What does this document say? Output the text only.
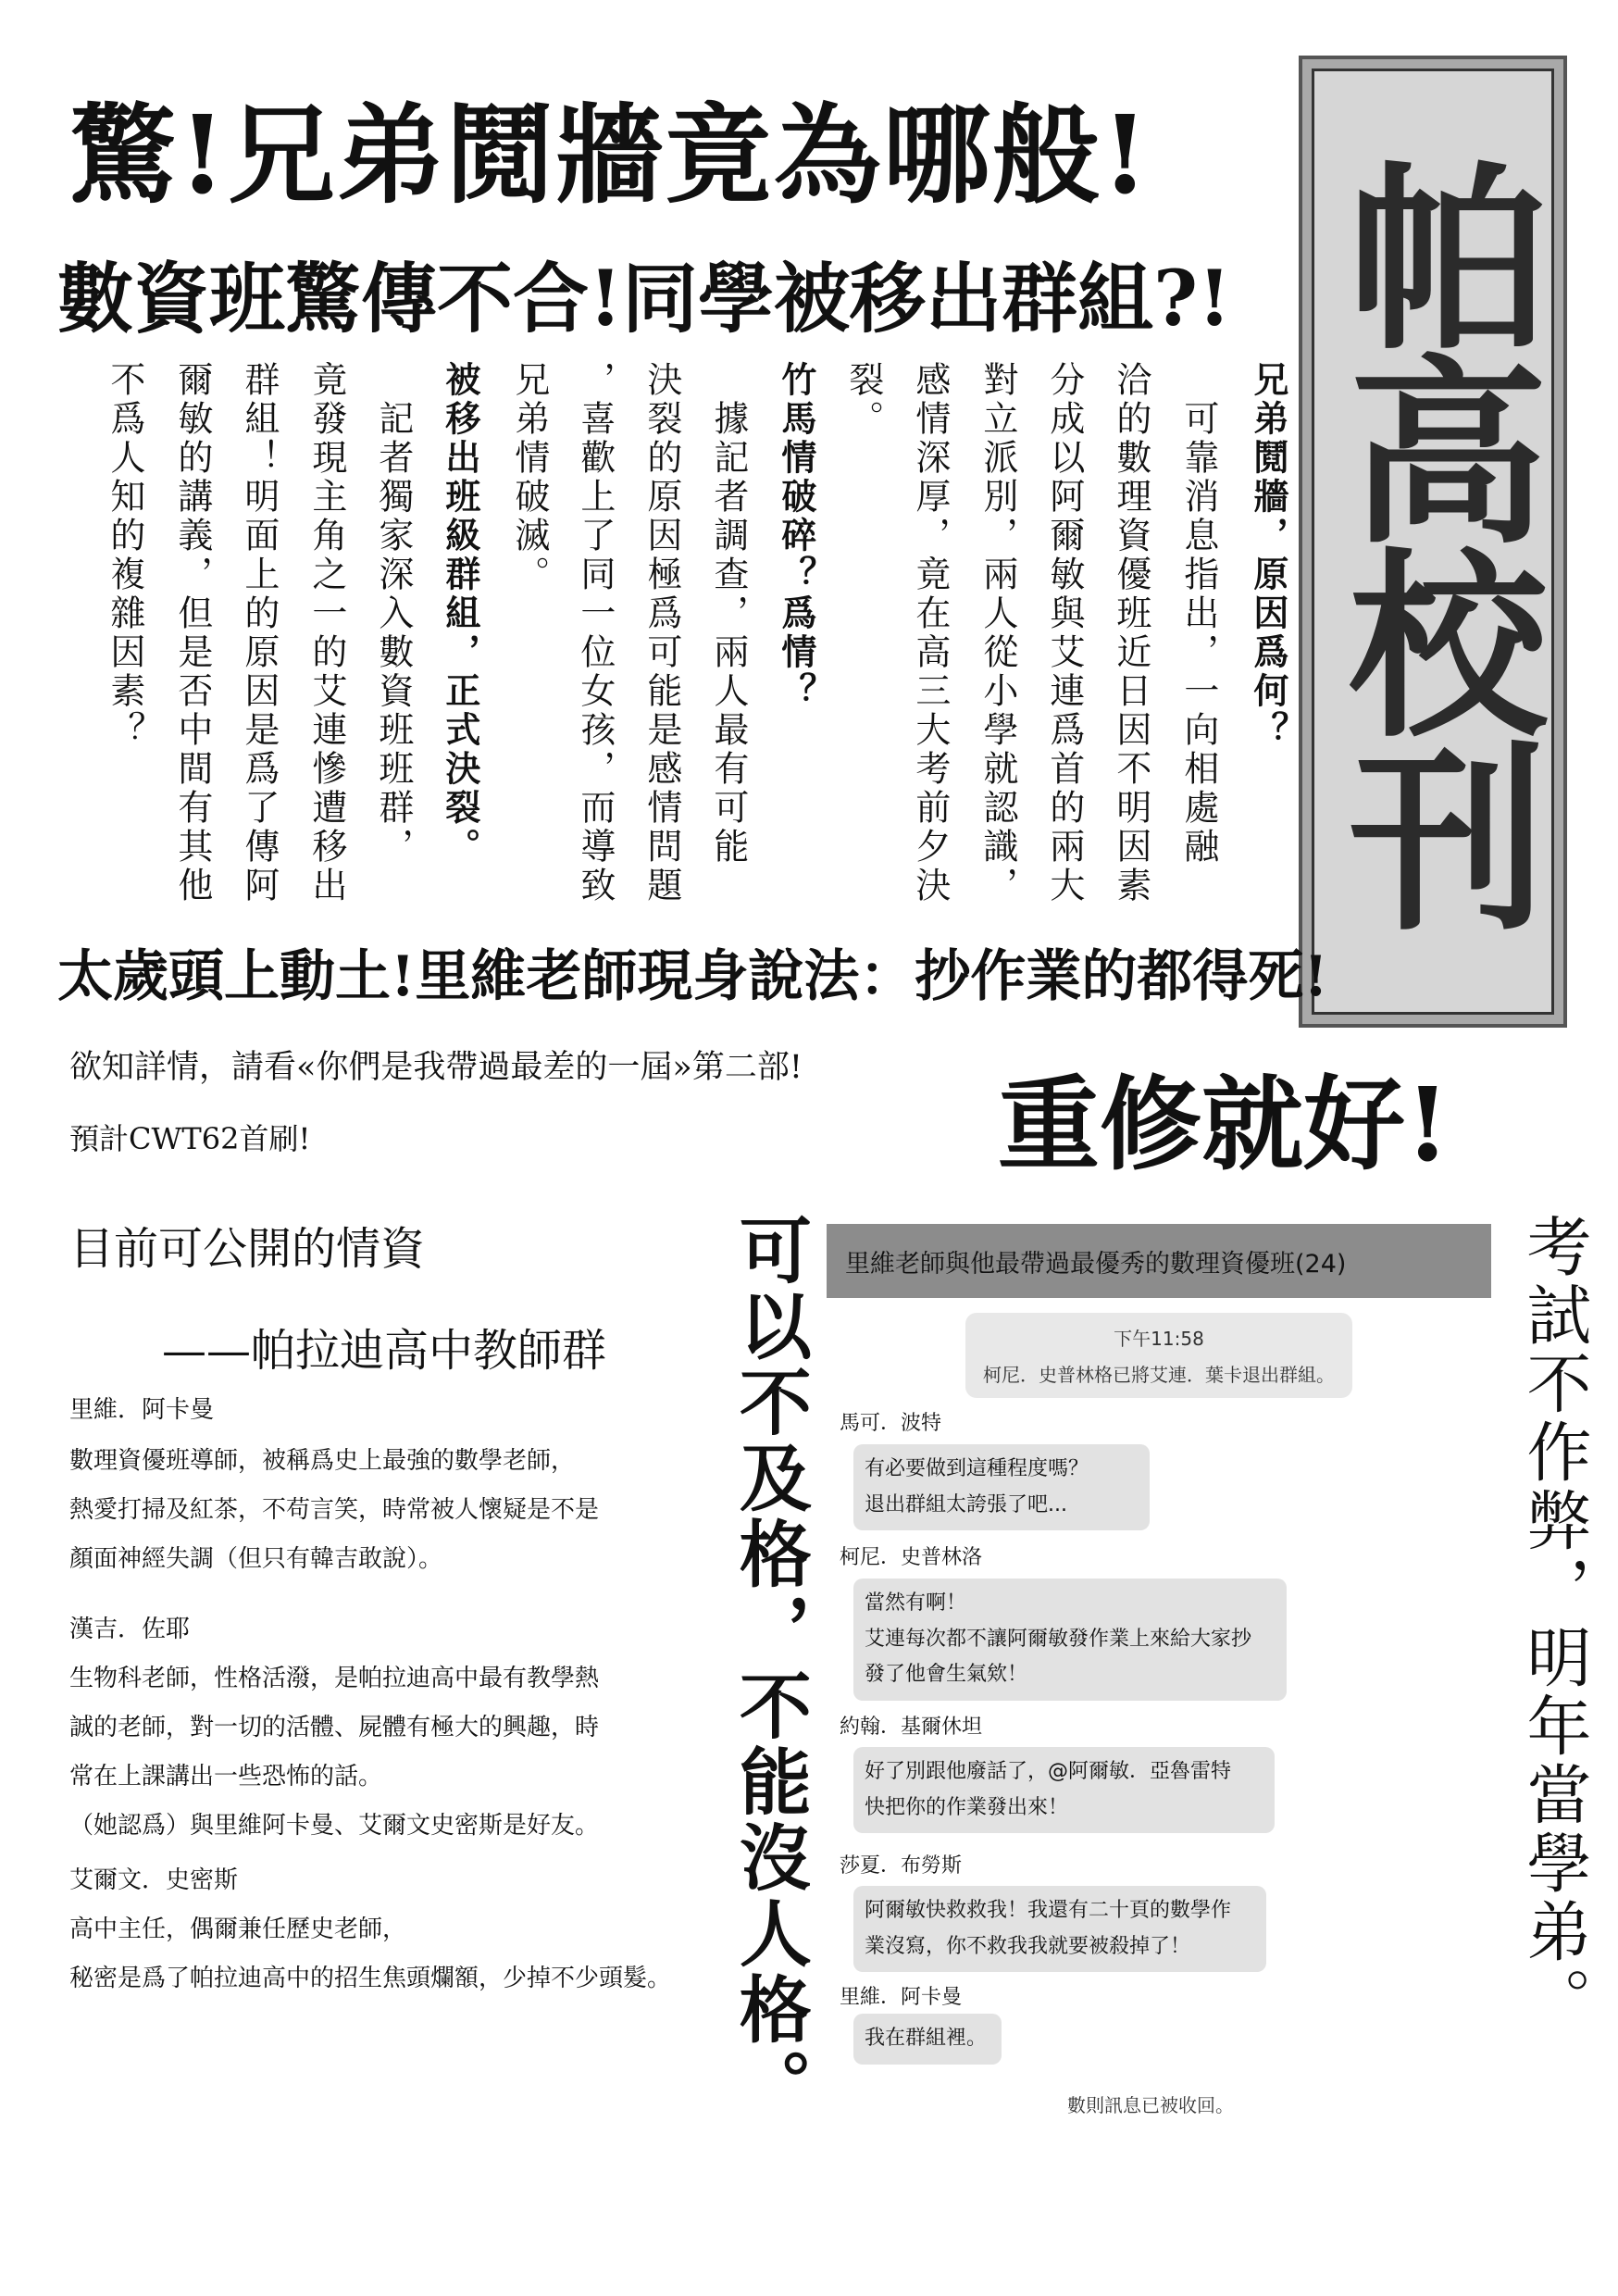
帕高校刊
驚!兄弟鬩牆竟為哪般!
數資班驚傳不合!同學被移出群組?!
兄弟鬩牆，原因爲何？
　可靠消息指出，一向相處融
洽的數理資優班近日因不明因素
分成以阿爾敏與艾連爲首的兩大
對立派別，兩人從小學就認識，
感情深厚，竟在高三大考前夕決
裂。
竹馬情破碎？爲情？
　據記者調查，兩人最有可能
決裂的原因極爲可能是感情問題
，喜歡上了同一位女孩，而導致
兄弟情破滅。
被移出班級群組，正式決裂。
　記者獨家深入數資班班群，
竟發現主角之一的艾連慘遭移出
群組！明面上的原因是爲了傳阿
爾敏的講義，但是否中間有其他
不爲人知的複雜因素？
太歲頭上動土!里維老師現身說法：抄作業的都得死!
欲知詳情，請看«你們是我帶過最差的一屆»第二部!
預計CWT62首刷!	重修就好!
目前可公開的情資
——帕拉迪高中教師群
里維．阿卡曼
數理資優班導師，被稱爲史上最強的數學老師，
熱愛打掃及紅茶，不苟言笑，時常被人懷疑是不是
顏面神經失調（但只有韓吉敢說）。
漢吉．佐耶
生物科老師，性格活潑，是帕拉迪高中最有教學熱
誠的老師，對一切的活體、屍體有極大的興趣，時
常在上課講出一些恐怖的話。
（她認爲）與里維阿卡曼、艾爾文史密斯是好友。
艾爾文．史密斯
高中主任，偶爾兼任歷史老師，
秘密是爲了帕拉迪高中的招生焦頭爛額，少掉不少頭髮。 可以不及格，不能沒人格。	考試不作弊，明年當學弟。
里維老師與他最帶過最優秀的數理資優班(24)
下午11:58
柯尼．史普林格已將艾連．葉卡退出群組。
馬可．波特
有必要做到這種程度嗎？
退出群組太誇張了吧...
柯尼．史普林洛
當然有啊！
艾連每次都不讓阿爾敏發作業上來給大家抄
發了他會生氣欸！
約翰．基爾休坦
好了別跟他廢話了，@阿爾敏．亞魯雷特
快把你的作業發出來！
莎夏．布勞斯
阿爾敏快救救我！我還有二十頁的數學作
業沒寫，你不救我我就要被殺掉了！
里維．阿卡曼
我在群組裡。
數則訊息已被收回。
